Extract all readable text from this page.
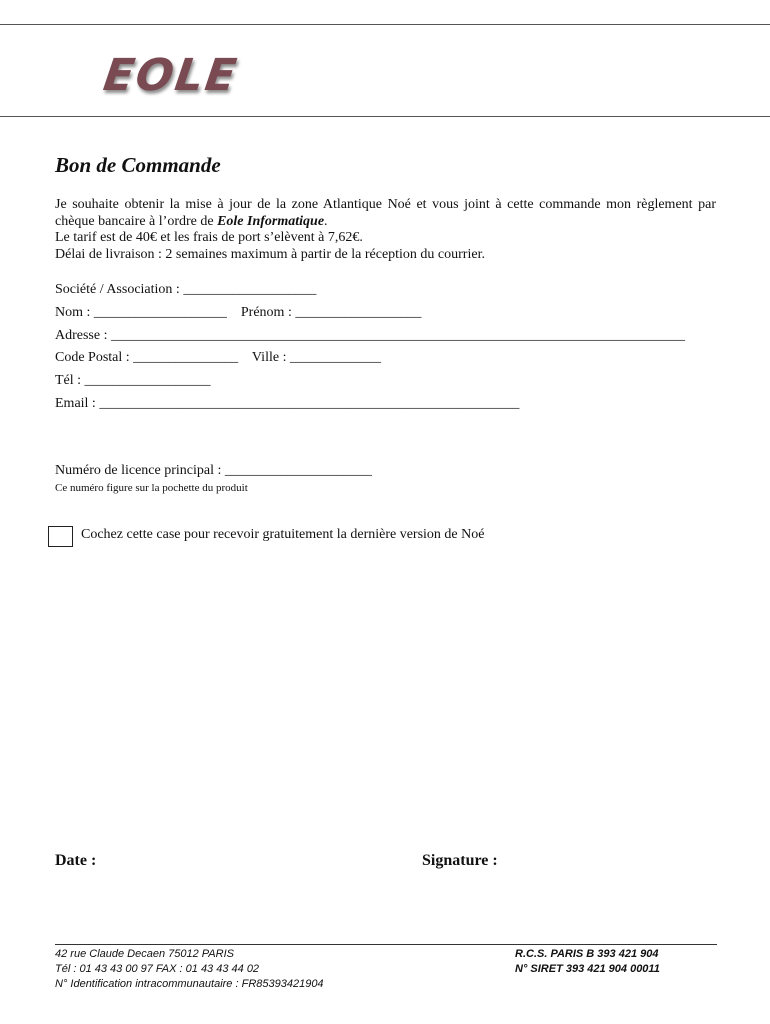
EOLE
Bon de Commande
Je souhaite obtenir la mise à jour de la zone Atlantique Noé et vous joint à cette commande mon règlement par chèque bancaire à l’ordre de Eole Informatique.
Le tarif est de 40€ et les frais de port s’elèvent à 7,62€.
Délai de livraison : 2 semaines maximum à partir de la réception du courrier.
Société / Association : ___________________
Nom : ___________________    Prénom : __________________
Adresse : __________________________________________________________________________________
Code Postal : _______________    Ville : _____________
Tél : __________________
Email : ____________________________________________________________
Numéro de licence principal : _____________________
Ce numéro figure sur la pochette du produit
Cochez cette case pour recevoir gratuitement la dernière version de Noé
Date :	Signature :
42 rue Claude Decaen 75012 PARIS
Tél : 01 43 43 00 97 FAX : 01 43 43 44 02
N° Identification intracommunautaire : FR85393421904
R.C.S. PARIS B 393 421 904
N° SIRET 393 421 904 00011
